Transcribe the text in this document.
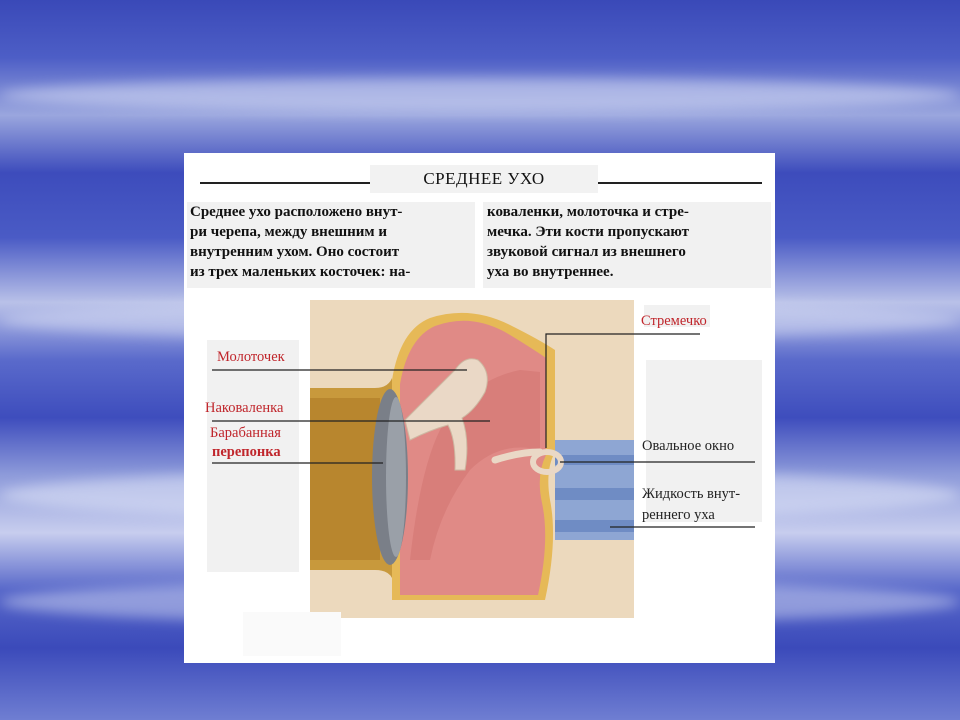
СРЕДНЕЕ УХО
Среднее ухо расположено внут-
ри черепа, между внешним и
внутренним ухом. Оно состоит
из трех маленьких косточек: на-
коваленки, молоточка и стре-
мечка. Эти кости пропускают
звуковой сигнал из внешнего
уха во внутреннее.
Стремечко
Молоточек
Наковаленка
Барабанная
перепонка	Овальное окно
Жидкость внут-
реннего уха
